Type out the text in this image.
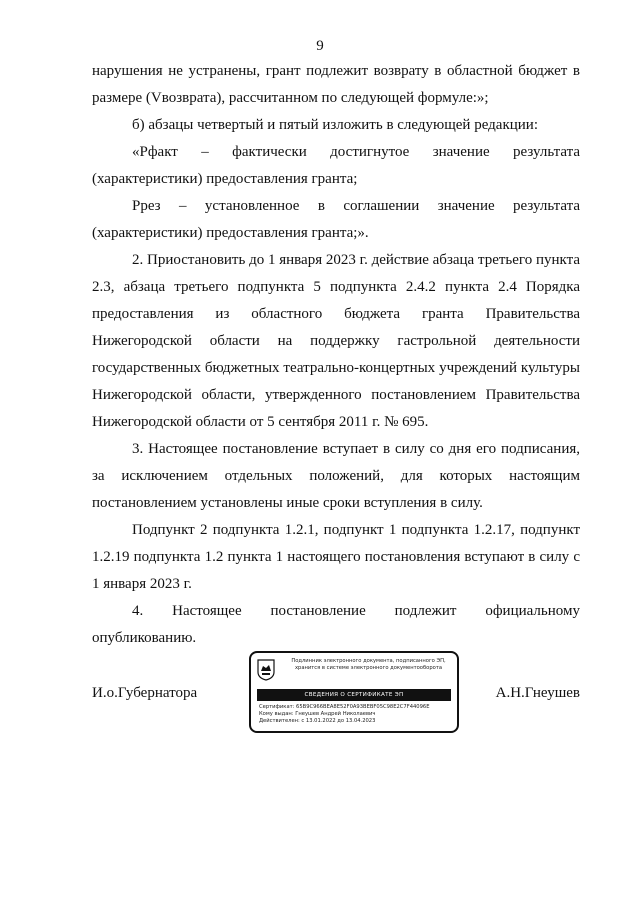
9

нарушения не устранены, грант подлежит возврату в областной бюджет в размере (Vвозврата), рассчитанном по следующей формуле:»;

б) абзацы четвертый и пятый изложить в следующей редакции:

«Pфакт – фактически достигнутое значение результата (характеристики) предоставления гранта;

Pрез – установленное в соглашении значение результата (характеристики) предоставления гранта;».

2. Приостановить до 1 января 2023 г. действие абзаца третьего пункта 2.3, абзаца третьего подпункта 5 подпункта 2.4.2 пункта 2.4 Порядка предоставления из областного бюджета гранта Правительства Нижегородской области на поддержку гастрольной деятельности государственных бюджетных театрально-концертных учреждений культуры Нижегородской области, утвержденного постановлением Правительства Нижегородской области от 5 сентября 2011 г. № 695.

3. Настоящее постановление вступает в силу со дня его подписания, за исключением отдельных положений, для которых настоящим постановлением установлены иные сроки вступления в силу.

Подпункт 2 подпункта 1.2.1, подпункт 1 подпункта 1.2.17, подпункт 1.2.19 подпункта 1.2 пункта 1 настоящего постановления вступают в силу с 1 января 2023 г.

4. Настоящее постановление подлежит официальному опубликованию.

И.о.Губернатора	А.Н.Гнеушев
Подлинник электронного документа, подписанного ЭП, хранится в системе электронного документооборота
СВЕДЕНИЯ О СЕРТИФИКАТЕ ЭП
Сертификат: 65B9C966BEA8E52F0A93BEBF05C98E2C7F44096E
Кому выдан: Гнеушев Андрей Николаевич
Действителен: с 13.01.2022 до 13.04.2023
